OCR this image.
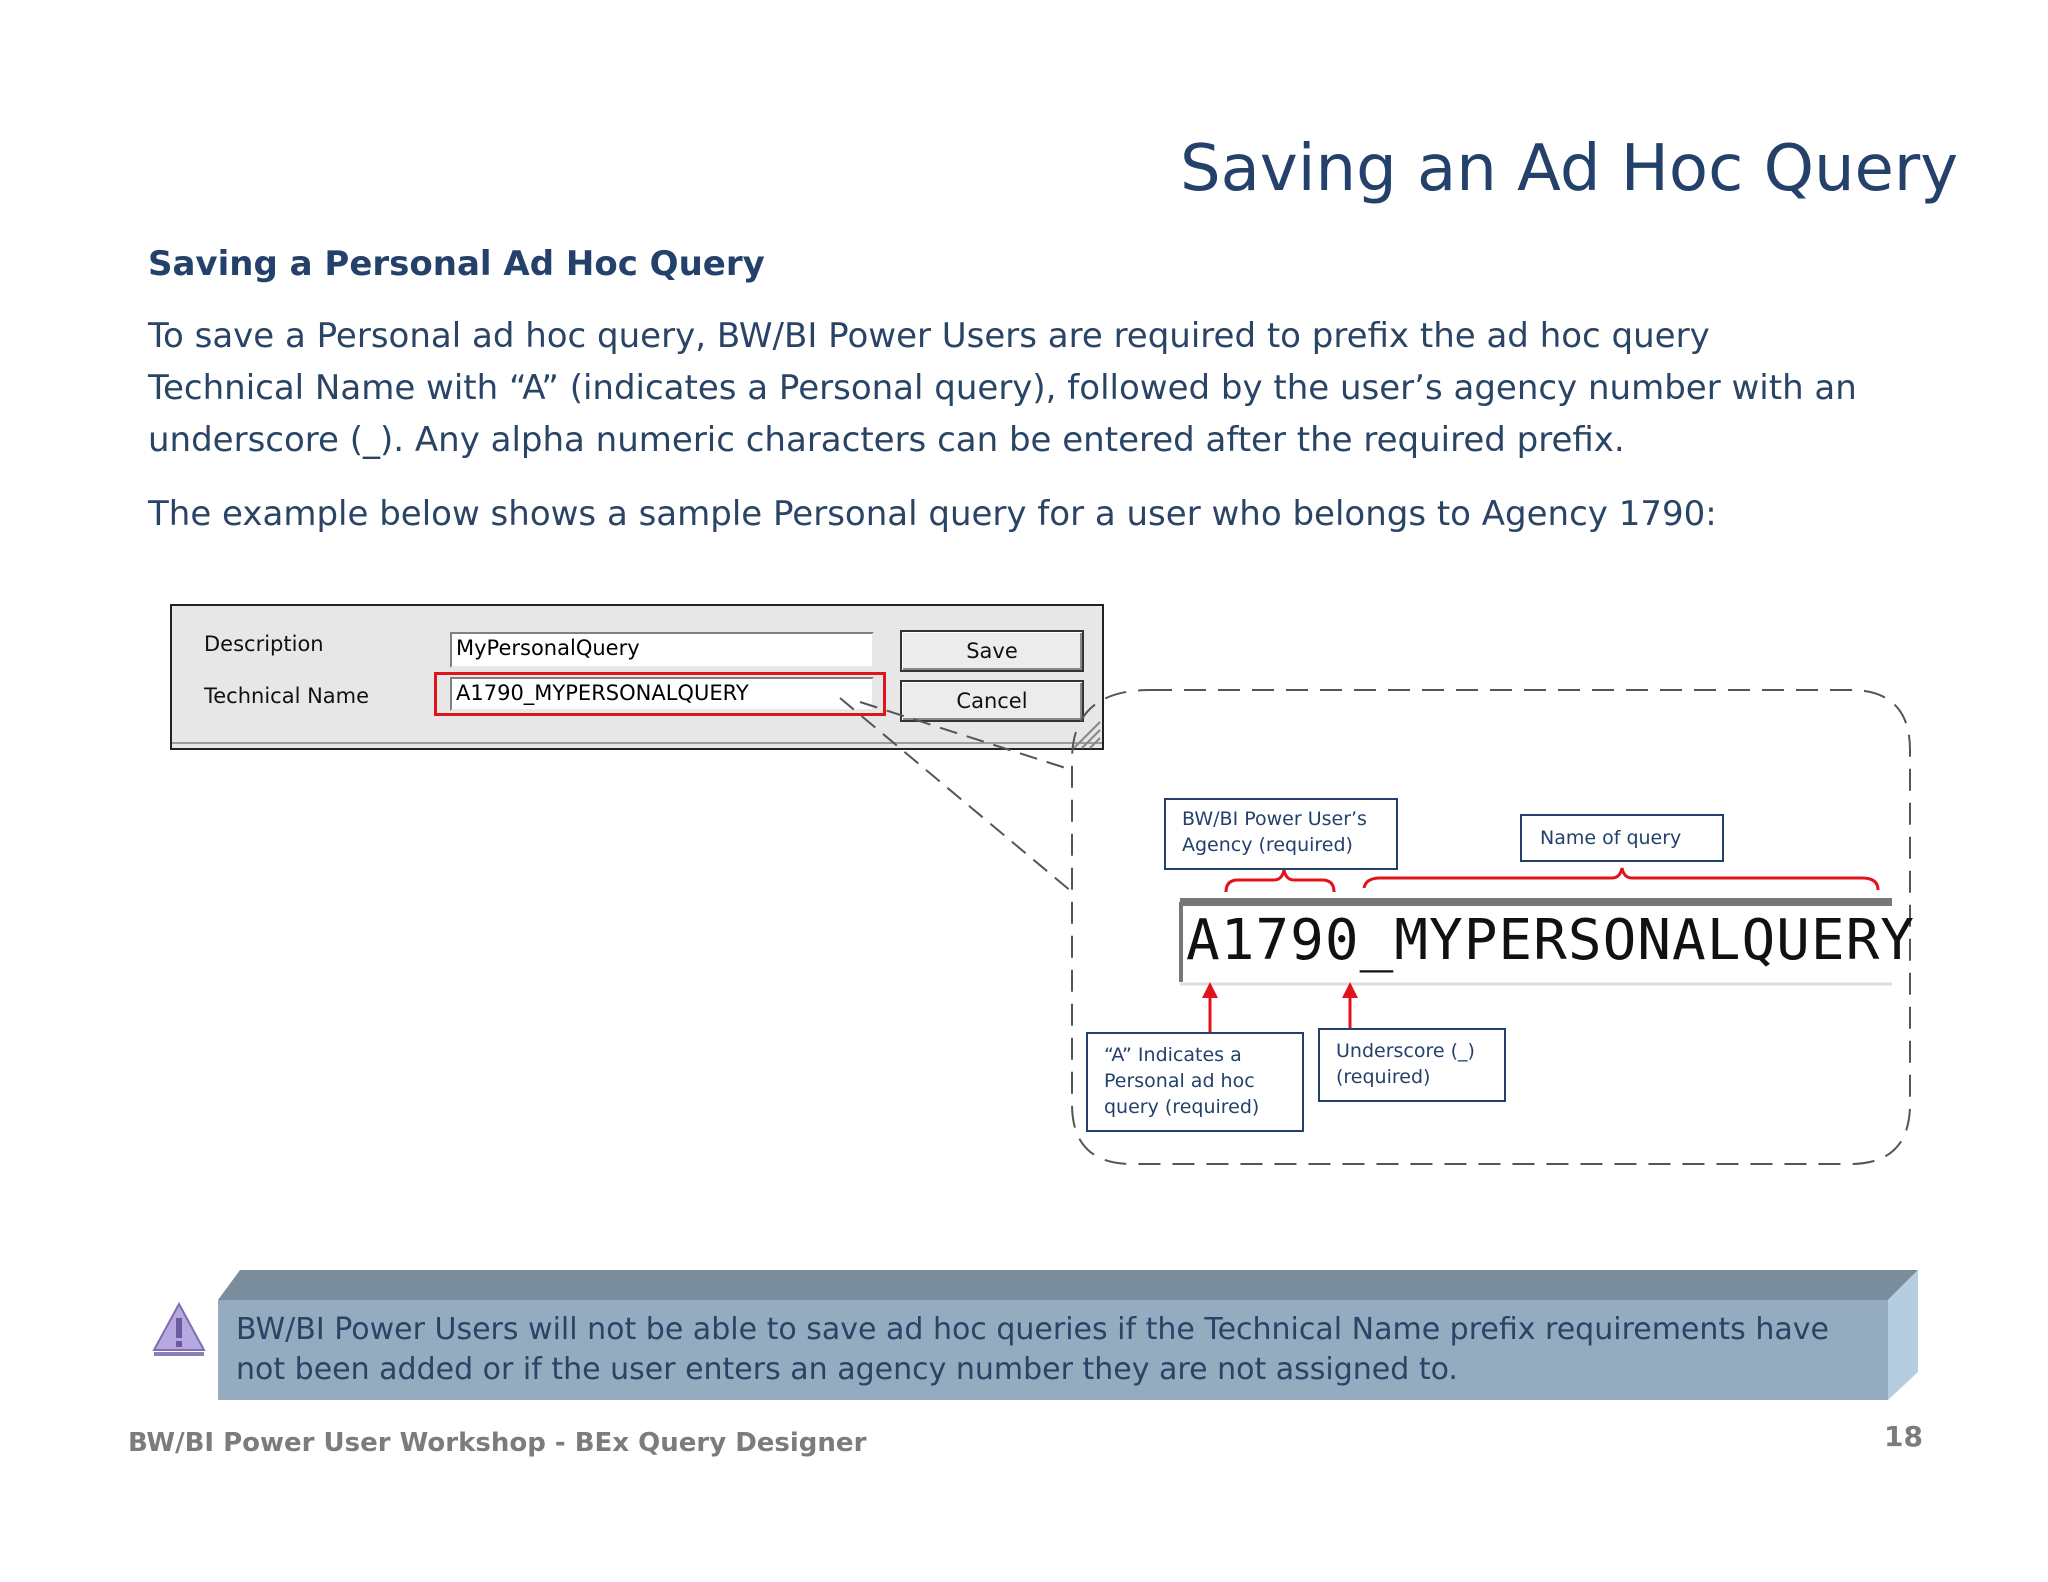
Saving an Ad Hoc Query
Saving a Personal Ad Hoc Query
To save a Personal ad hoc query, BW/BI Power Users are required to prefix the ad hoc query Technical Name with “A” (indicates a Personal query), followed by the user’s agency number with an underscore (_). Any alpha numeric characters can be entered after the required prefix.
The example below shows a sample Personal query for a user who belongs to Agency 1790:
Description
Technical Name
MyPersonalQuery
A1790_MYPERSONALQUERY
Save
Cancel
A1790_MYPERSONALQUERY
BW/BI Power User’s Agency (required)	Name of query
“A” Indicates a Personal ad hoc query (required)
Underscore (_) (required)
BW/BI Power Users will not be able to save ad hoc queries if the Technical Name prefix requirements have not been added or if the user enters an agency number they are not assigned to.
BW/BI Power User Workshop - BEx Query Designer	18
